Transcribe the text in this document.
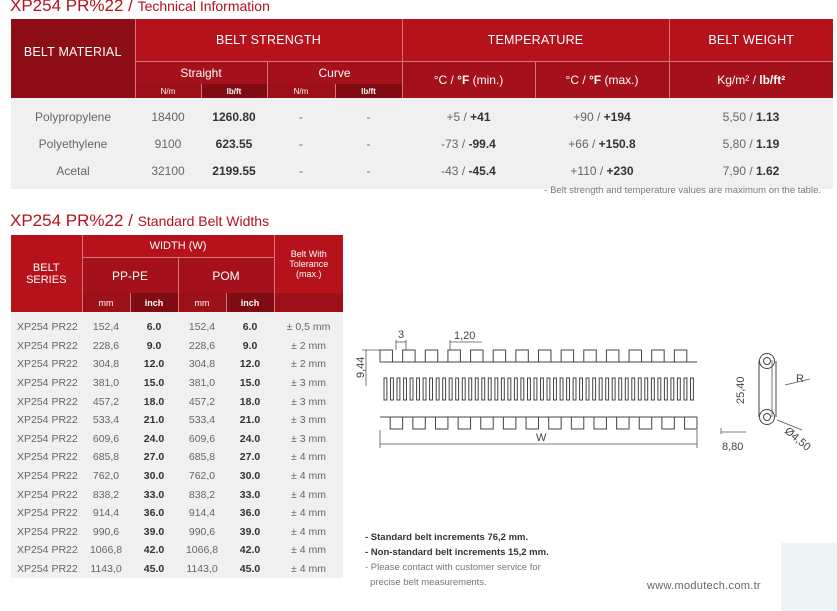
XP254 PR%22 / Technical Information
BELT MATERIAL	BELT STRENGTH				TEMPERATURE		BELT WEIGHT
	Straight		Curve		°C / °F (min.)	°C / °F (max.)	Kg/m² / lb/ft²
	N/m	lb/ft	N/m	lb/ft			
Polypropylene	18400	1260.80	-	-	+5 / +41	+90 / +194	5,50 / 1.13
Polyethylene	9100	623.55	-	-	-73 / -99.4	+66 / +150.8	5,80 / 1.19
Acetal	32100	2199.55	-	-	-43 / -45.4	+110 / +230	7,90 / 1.62
- Belt strength and temperature values are maximum on the table.
XP254 PR%22 / Standard Belt Widths
BELT SERIES	WIDTH (W)				Belt With Tolerance (max.)
	PP-PE		POM		
	mm	inch	mm	inch	
XP254 PR22	152,4	6.0	152,4	6.0	± 0,5 mm
XP254 PR22	228,6	9.0	228,6	9.0	± 2 mm
XP254 PR22	304,8	12.0	304,8	12.0	± 2 mm
XP254 PR22	381,0	15.0	381,0	15.0	± 3 mm
XP254 PR22	457,2	18.0	457,2	18.0	± 3 mm
XP254 PR22	533,4	21.0	533,4	21.0	± 3 mm
XP254 PR22	609,6	24.0	609,6	24.0	± 3 mm
XP254 PR22	685,8	27.0	685,8	27.0	± 4 mm
XP254 PR22	762,0	30.0	762,0	30.0	± 4 mm
XP254 PR22	838,2	33.0	838,2	33.0	± 4 mm
XP254 PR22	914,4	36.0	914,4	36.0	± 4 mm
XP254 PR22	990,6	39.0	990,6	39.0	± 4 mm
XP254 PR22	1066,8	42.0	1066,8	42.0	± 4 mm
XP254 PR22	1143,0	45.0	1143,0	45.0	± 4 mm
3	1,20
9,44
W
25,40	R
Ø4,50
8,80
- Standard belt increments 76,2 mm.
- Non-standard belt increments 15,2 mm.
- Please contact with customer service for
precise belt measurements.	www.modutech.com.tr
